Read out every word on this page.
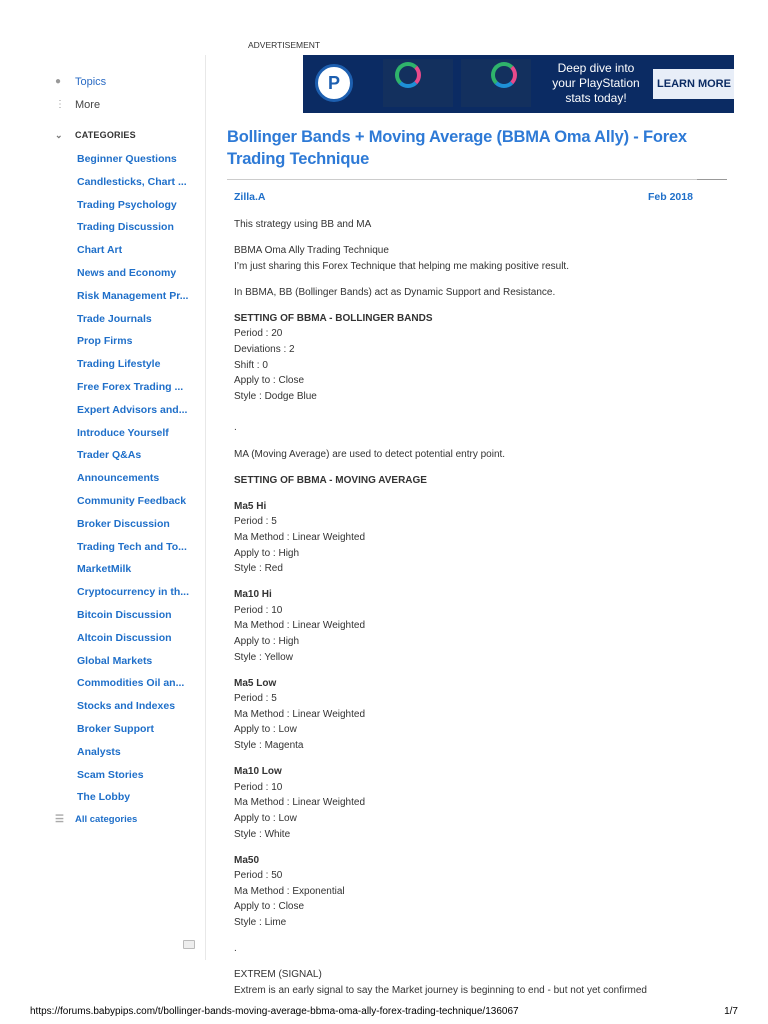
ADVERTISEMENT
P
Deep dive into
your PlayStation
stats today!
LEARN MORE
●	Topics
⋮ More
⌄	CATEGORIES
Beginner Questions
Candlesticks, Chart ...
Trading Psychology
Trading Discussion
Chart Art
News and Economy
Risk Management Pr...
Trade Journals
Prop Firms
Trading Lifestyle
Free Forex Trading ...
Expert Advisors and...
Introduce Yourself
Trader Q&As
Announcements
Community Feedback
Broker Discussion
Trading Tech and To...
MarketMilk
Cryptocurrency in th...
Bitcoin Discussion
Altcoin Discussion
Global Markets
Commodities Oil an...
Stocks and Indexes
Broker Support
Analysts
Scam Stories
The Lobby
☰	All categories
Bollinger Bands + Moving Average (BBMA Oma Ally) - Forex Trading Technique
Zilla.A	Feb 2018

This strategy using BB and MA

BBMA Oma Ally Trading Technique

I’m just sharing this Forex Technique that helping me making positive result.

In BBMA, BB (Bollinger Bands) act as Dynamic Support and Resistance.

SETTING OF BBMA - BOLLINGER BANDS

Period : 20

Deviations : 2

Shift : 0

Apply to : Close

Style : Dodge Blue

.

MA (Moving Average) are used to detect potential entry point.

SETTING OF BBMA - MOVING AVERAGE

Ma5 Hi

Period : 5

Ma Method : Linear Weighted

Apply to : High

Style : Red

Ma10 Hi

Period : 10

Ma Method : Linear Weighted

Apply to : High

Style : Yellow

Ma5 Low

Period : 5

Ma Method : Linear Weighted

Apply to : Low

Style : Magenta

Ma10 Low

Period : 10

Ma Method : Linear Weighted

Apply to : Low

Style : White

Ma50

Period : 50

Ma Method : Exponential

Apply to : Close

Style : Lime

.

EXTREM (SIGNAL)

Extrem is an early signal to say the Market journey is beginning to end - but not yet confirmed

https://forums.babypips.com/t/bollinger-bands-moving-average-bbma-oma-ally-forex-trading-technique/136067	1/7
